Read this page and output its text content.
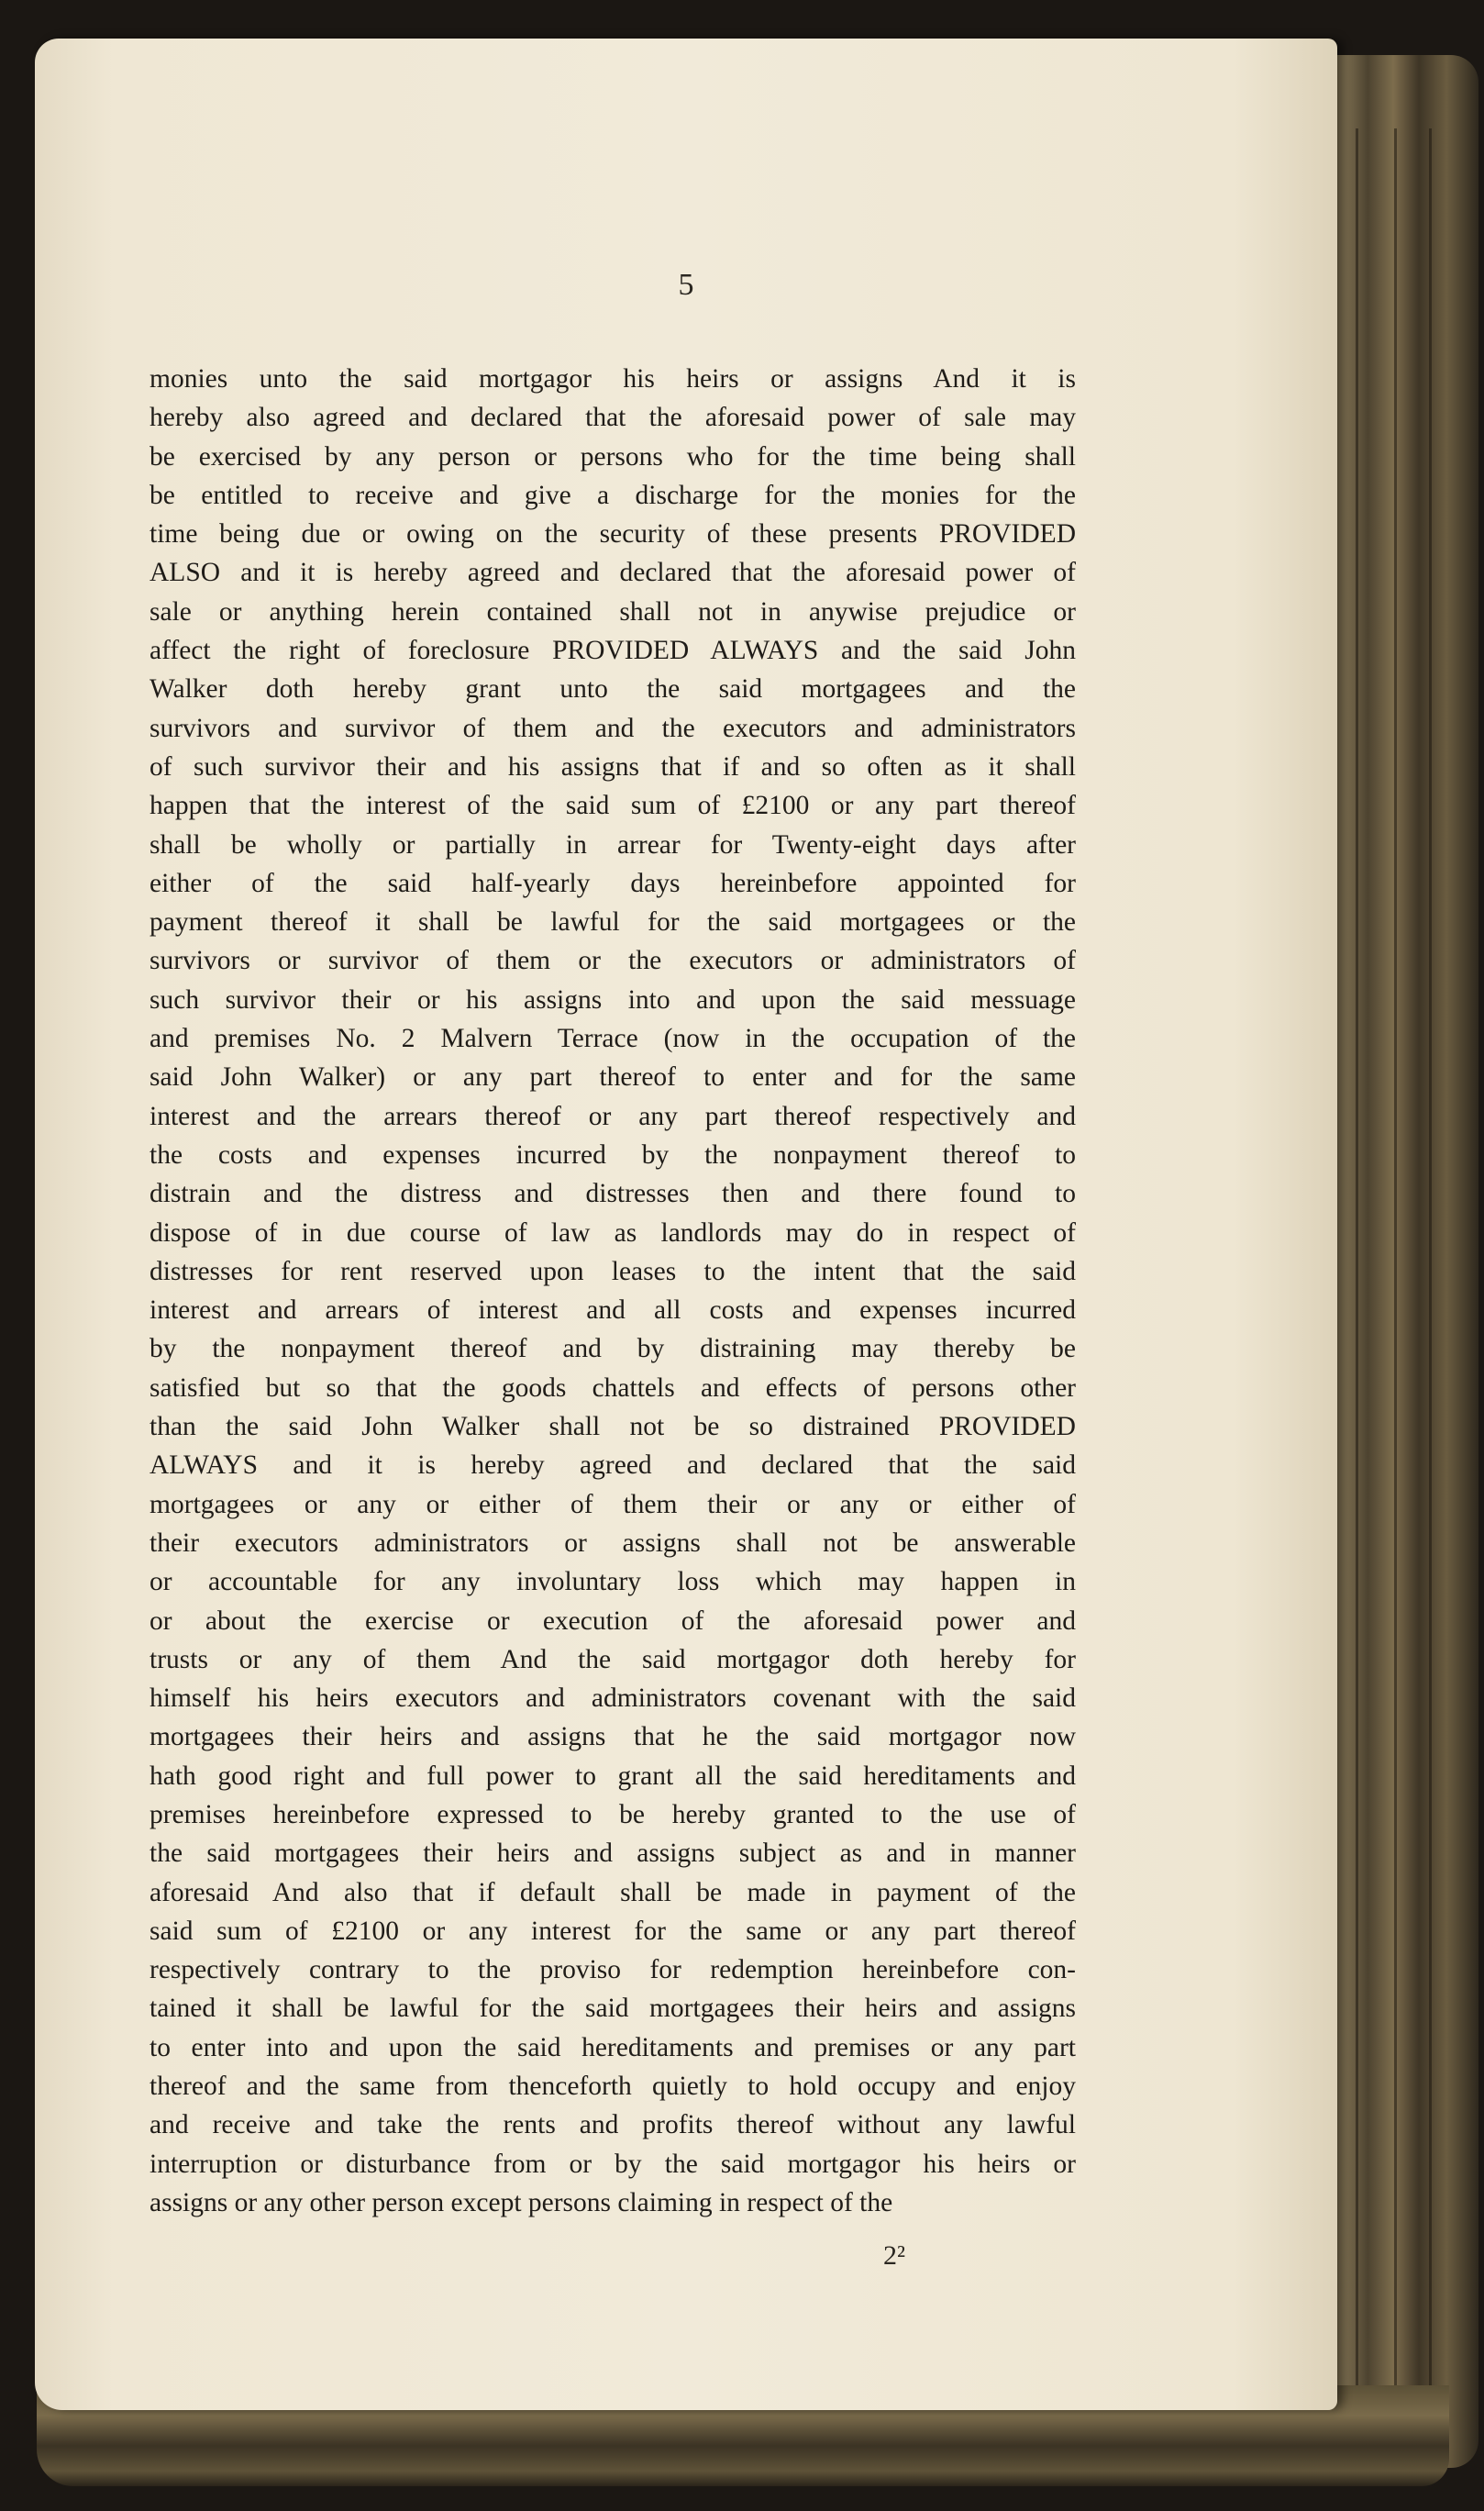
5
monies unto the said mortgagor his heirs or assigns And it is
hereby also agreed and declared that the aforesaid power of sale may
be exercised by any person or persons who for the time being shall
be entitled to receive and give a discharge for the monies for the
time being due or owing on the security of these presents PROVIDED
ALSO and it is hereby agreed and declared that the aforesaid power of
sale or anything herein contained shall not in anywise prejudice or
affect the right of foreclosure PROVIDED ALWAYS and the said John
Walker doth hereby grant unto the said mortgagees and the
survivors and survivor of them and the executors and administrators
of such survivor their and his assigns that if and so often as it shall
happen that the interest of the said sum of £2100 or any part thereof
shall be wholly or partially in arrear for Twenty-eight days after
either of the said half-yearly days hereinbefore appointed for
payment thereof it shall be lawful for the said mortgagees or the
survivors or survivor of them or the executors or administrators of
such survivor their or his assigns into and upon the said messuage
and premises No. 2 Malvern Terrace (now in the occupation of the
said John Walker) or any part thereof to enter and for the same
interest and the arrears thereof or any part thereof respectively and
the costs and expenses incurred by the nonpayment thereof to
distrain and the distress and distresses then and there found to
dispose of in due course of law as landlords may do in respect of
distresses for rent reserved upon leases to the intent that the said
interest and arrears of interest and all costs and expenses incurred
by the nonpayment thereof and by distraining may thereby be
satisfied but so that the goods chattels and effects of persons other
than the said John Walker shall not be so distrained PROVIDED
ALWAYS and it is hereby agreed and declared that the said
mortgagees or any or either of them their or any or either of
their executors administrators or assigns shall not be answerable
or accountable for any involuntary loss which may happen in
or about the exercise or execution of the aforesaid power and
trusts or any of them And the said mortgagor doth hereby for
himself his heirs executors and administrators covenant with the said
mortgagees their heirs and assigns that he the said mortgagor now
hath good right and full power to grant all the said hereditaments and
premises hereinbefore expressed to be hereby granted to the use of
the said mortgagees their heirs and assigns subject as and in manner
aforesaid And also that if default shall be made in payment of the
said sum of £2100 or any interest for the same or any part thereof
respectively contrary to the proviso for redemption hereinbefore con-
tained it shall be lawful for the said mortgagees their heirs and assigns
to enter into and upon the said hereditaments and premises or any part
thereof and the same from thenceforth quietly to hold occupy and enjoy
and receive and take the rents and profits thereof without any lawful
interruption or disturbance from or by the said mortgagor his heirs or
assigns or any other person except persons claiming in respect of the
2²
